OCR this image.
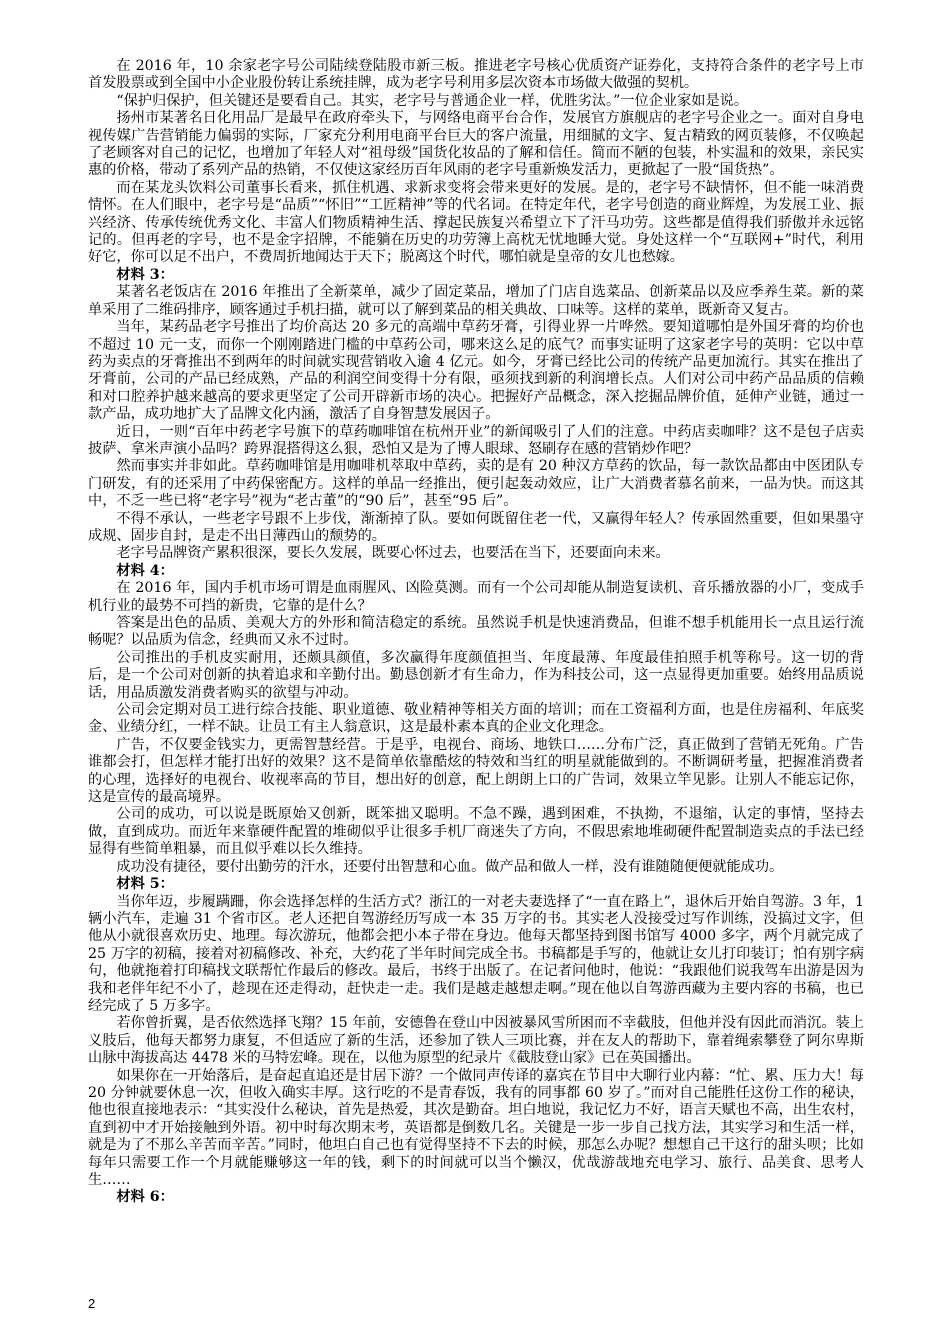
在 2016 年，10 余家老字号公司陆续登陆股市新三板。推进老字号核心优质资产证券化，支持符合条件的老字号上市首发股票或到全国中小企业股份转让系统挂牌，成为老字号利用多层次资本市场做大做强的契机。

“保护归保护，但关键还是要看自己。其实，老字号与普通企业一样，优胜劣汰。”一位企业家如是说。

扬州市某著名日化用品厂是最早在政府牵头下，与网络电商平台合作，发展官方旗舰店的老字号企业之一。面对自身电视传媒广告营销能力偏弱的实际，厂家充分利用电商平台巨大的客户流量，用细腻的文字、复古精致的网页装修，不仅唤起了老顾客对自己的记忆，也增加了年轻人对“祖母级”国货化妆品的了解和信任。简而不陋的包装，朴实温和的效果，亲民实惠的价格，带动了系列产品的热销，不仅使这家经历百年风雨的老字号重新焕发活力，更掀起了一股“国货热”。

而在某龙头饮料公司董事长看来，抓住机遇、求新求变将会带来更好的发展。是的，老字号不缺情怀，但不能一味消费情怀。在人们眼中，老字号是“品质”“怀旧”“工匠精神”等的代名词。在特定年代，老字号创造的商业辉煌，为发展工业、振兴经济、传承传统优秀文化、丰富人们物质精神生活、撑起民族复兴希望立下了汗马功劳。这些都是值得我们骄傲并永远铭记的。但再老的字号，也不是金字招牌，不能躺在历史的功劳簿上高枕无忧地睡大觉。身处这样一个“互联网+”时代，利用好它，你可以足不出户，不费周折地闻达于天下；脱离这个时代，哪怕就是皇帝的女儿也愁嫁。

材料 3：

某著名老饭店在 2016 年推出了全新菜单，减少了固定菜品，增加了门店自选菜品、创新菜品以及应季养生菜。新的菜单采用了二维码排序，顾客通过手机扫描，就可以了解到菜品的相关典故、口味等。这样的菜单，既新奇又复古。

当年，某药品老字号推出了均价高达 20 多元的高端中草药牙膏，引得业界一片哗然。要知道哪怕是外国牙膏的均价也不超过 10 元一支，而你一个刚刚踏进门槛的中草药公司，哪来这么足的底气？而事实证明了这家老字号的英明：它以中草药为卖点的牙膏推出不到两年的时间就实现营销收入逾 4 亿元。如今，牙膏已经比公司的传统产品更加流行。其实在推出了牙膏前，公司的产品已经成熟，产品的利润空间变得十分有限，亟须找到新的利润增长点。人们对公司中药产品品质的信赖和对口腔养护越来越高的要求更坚定了公司开辟新市场的决心。把握好产品概念，深入挖掘品牌价值，延伸产业链，通过一款产品，成功地扩大了品牌文化内涵，激活了自身智慧发展因子。

近日，一则“百年中药老字号旗下的草药咖啡馆在杭州开业”的新闻吸引了人们的注意。中药店卖咖啡？这不是包子店卖披萨、拿米声演小品吗？跨界混搭得这么狠，恐怕又是为了博人眼球、怒刷存在感的营销炒作吧？

然而事实并非如此。草药咖啡馆是用咖啡机萃取中草药，卖的是有 20 种汉方草药的饮品，每一款饮品都由中医团队专门研发，有的还采用了中药保密配方。这样的单品一经推出，便引起轰动效应，让广大消费者慕名前来，一品为快。而这其中，不乏一些已将“老字号”视为“老古董”的“90 后”，甚至“95 后”。

不得不承认，一些老字号跟不上步伐，渐渐掉了队。要如何既留住老一代，又赢得年轻人？传承固然重要，但如果墨守成规、固步自封，是走不出日薄西山的颓势的。

老字号品牌资产累积很深，要长久发展，既要心怀过去，也要活在当下，还要面向未来。

材料 4：

在 2016 年，国内手机市场可谓是血雨腥风、凶险莫测。而有一个公司却能从制造复读机、音乐播放器的小厂，变成手机行业的最势不可挡的新贵，它靠的是什么？

答案是出色的品质、美观大方的外形和简洁稳定的系统。虽然说手机是快速消费品，但谁不想手机能用长一点且运行流畅呢？以品质为信念，经典而又永不过时。

公司推出的手机皮实耐用，还颇具颜值，多次赢得年度颜值担当、年度最薄、年度最佳拍照手机等称号。这一切的背后，是一个公司对创新的执着追求和辛勤付出。勤恳创新才有生命力，作为科技公司，这一点显得更加重要。始终用品质说话，用品质激发消费者购买的欲望与冲动。

公司会定期对员工进行综合技能、职业道德、敬业精神等相关方面的培训；而在工资福利方面，也是住房福利、年底奖金、业绩分红，一样不缺。让员工有主人翁意识，这是最朴素本真的企业文化理念。

广告，不仅要金钱实力，更需智慧经营。于是乎，电视台、商场、地铁口……分布广泛，真正做到了营销无死角。广告谁都会打，但怎样才能打出好的效果？这不是简单依靠酷炫的特效和当红的明星就能做到的。不断调研考量，把握准消费者的心理，选择好的电视台、收视率高的节目，想出好的创意，配上朗朗上口的广告词，效果立竿见影。让别人不能忘记你，这是宣传的最高境界。

公司的成功，可以说是既原始又创新，既笨拙又聪明。不急不躁，遇到困难，不执拗，不退缩，认定的事情，坚持去做，直到成功。而近年来靠硬件配置的堆砌似乎让很多手机厂商迷失了方向，不假思索地堆砌硬件配置制造卖点的手法已经显得有些简单粗暴，而且似乎难以长久维持。

成功没有捷径，要付出勤劳的汗水，还要付出智慧和心血。做产品和做人一样，没有谁随随便便就能成功。

材料 5：

当你年迈，步履蹒跚，你会选择怎样的生活方式？浙江的一对老夫妻选择了“一直在路上”，退休后开始自驾游。3 年，1 辆小汽车，走遍 31 个省市区。老人还把自驾游经历写成一本 35 万字的书。其实老人没接受过写作训练，没搞过文字，但他从小就很喜欢历史、地理。每次游玩，他都会把小本子带在身边。他每天都坚持到图书馆写 4000 多字，两个月就完成了 25 万字的初稿，接着对初稿修改、补充，大约花了半年时间完成全书。书稿都是手写的，他就让女儿打印装订；怕有别字病句，他就拖着打印稿找文联帮忙作最后的修改。最后，书终于出版了。在记者问他时，他说：“我跟他们说我驾车出游是因为我和老伴年纪不小了，趁现在还走得动，赶快走一走。我们是越走越想走啊。”现在他以自驾游西藏为主要内容的书稿，也已经完成了 5 万多字。

若你曾折翼，是否依然选择飞翔？15 年前，安德鲁在登山中因被暴风雪所困而不幸截肢，但他并没有因此而消沉。装上义肢后，他每天都努力康复，不但适应了新的生活，还参加了铁人三项比赛，并在友人的帮助下，靠着绳索攀登了阿尔卑斯山脉中海拔高达 4478 米的马特宏峰。现在，以他为原型的纪录片《截肢登山家》已在英国播出。

如果你在一开始落后，是奋起直追还是甘居下游？一个做同声传译的嘉宾在节目中大聊行业内幕：“忙、累、压力大！每 20 分钟就要休息一次，但收入确实丰厚。这行吃的不是青春饭，我有的同事都 60 岁了。”而对自己能胜任这份工作的秘诀，他也很直接地表示：“其实没什么秘诀，首先是热爱，其次是勤奋。坦白地说，我记忆力不好，语言天赋也不高，出生农村，直到初中才开始接触到外语。初中时每次期末考，英语都是倒数几名。关键是一步一步自己找方法，其实学习和生活一样，就是为了不那么辛苦而辛苦。”同时，他坦白自己也有觉得坚持不下去的时候，那怎么办呢？想想自己干这行的甜头呗；比如每年只需要工作一个月就能赚够这一年的钱，剩下的时间就可以当个懒汉，优哉游哉地充电学习、旅行、品美食、思考人生……

材料 6：

2
